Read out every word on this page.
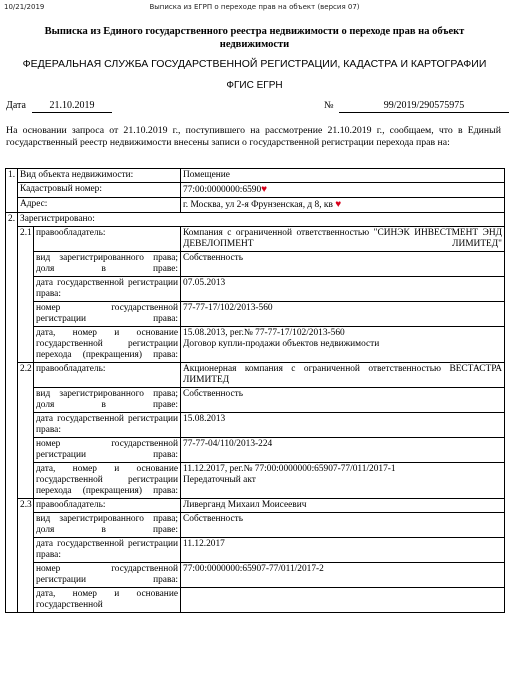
10/21/2019	Выписка из ЕГРП о переходе прав на объект (версия 07)
Выписка из Единого государственного реестра недвижимости о переходе прав на объект недвижимости
ФЕДЕРАЛЬНАЯ СЛУЖБА ГОСУДАРСТВЕННОЙ РЕГИСТРАЦИИ, КАДАСТРА И КАРТОГРАФИИ
ФГИС ЕГРН
Дата	21.10.2019	№	99/2019/290575975
На основании запроса от 21.10.2019 г., поступившего на рассмотрение 21.10.2019 г., сообщаем, что в Единый государственный реестр недвижимости внесены записи о государственной регистрации перехода прав на:
1.	Вид объекта недвижимости:		Помещение
	Кадастровый номер:		77:00:0000000:6590♥
	Адрес:		г. Москва, ул 2-я Фрунзенская, д 8, кв ♥
2.	Зарегистрировано:		
	2.1	правообладатель:	Компания с ограниченной ответственностью "СИНЭК ИНВЕСТМЕНТ ЭНД ДЕВЕЛОПМЕНТ ЛИМИТЕД"
		вид зарегистрированного права; доля в праве:	Собственность
		дата государственной регистрации права:	07.05.2013
		номер государственной регистрации права:	77-77-17/102/2013-560
		дата, номер и основание государственной регистрации перехода (прекращения) права:	15.08.2013, рег.№ 77-77-17/102/2013-560
Договор купли-продажи объектов недвижимости

	2.2	правообладатель:	Акционерная компания с ограниченной ответственностью ВЕСТАСТРА ЛИМИТЕД
		вид зарегистрированного права; доля в праве:	Собственность
		дата государственной регистрации права:	15.08.2013
		номер государственной регистрации права:	77-77-04/110/2013-224
		дата, номер и основание государственной регистрации перехода (прекращения) права:	11.12.2017, рег.№ 77:00:0000000:65907-77/011/2017-1
Передаточный акт

	2.3	правообладатель:	Ливерганд Михаил Моисеевич
		вид зарегистрированного права; доля в праве:	Собственность
		дата государственной регистрации права:	11.12.2017
		номер государственной регистрации права:	77:00:0000000:65907-77/011/2017-2
		дата, номер и основание государственной	
